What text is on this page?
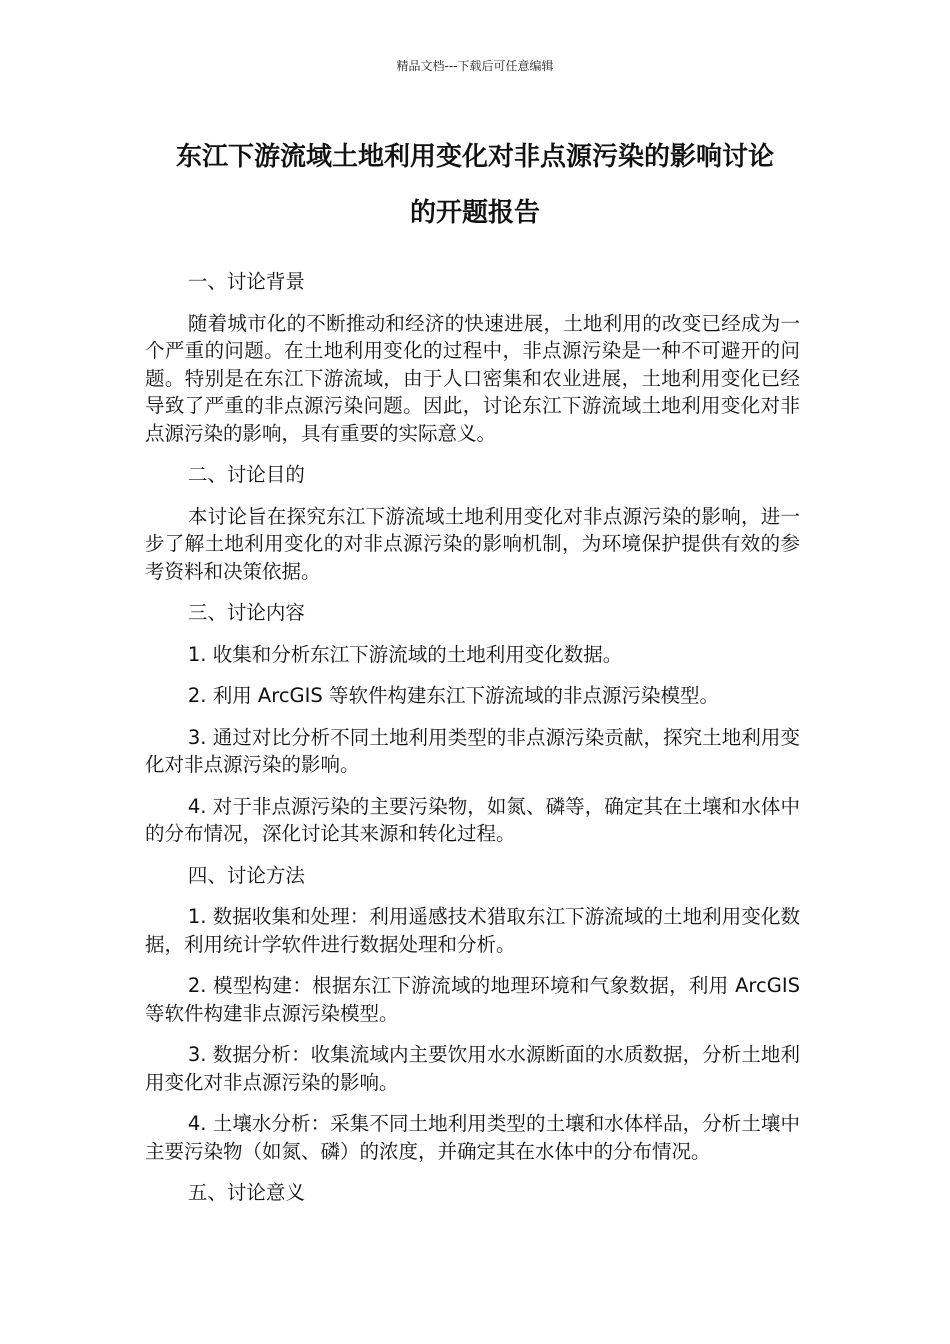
精品文档---下载后可任意编辑
东江下游流域土地利用变化对非点源污染的影响讨论
的开题报告

一、讨论背景

随着城市化的不断推动和经济的快速进展，土地利用的改变已经成为一个严重的问题。在土地利用变化的过程中，非点源污染是一种不可避开的问题。特别是在东江下游流域，由于人口密集和农业进展，土地利用变化已经导致了严重的非点源污染问题。因此，讨论东江下游流域土地利用变化对非点源污染的影响，具有重要的实际意义。

二、讨论目的

本讨论旨在探究东江下游流域土地利用变化对非点源污染的影响，进一步了解土地利用变化的对非点源污染的影响机制，为环境保护提供有效的参考资料和决策依据。

三、讨论内容

1. 收集和分析东江下游流域的土地利用变化数据。

2. 利用 ArcGIS 等软件构建东江下游流域的非点源污染模型。

3. 通过对比分析不同土地利用类型的非点源污染贡献，探究土地利用变化对非点源污染的影响。

4. 对于非点源污染的主要污染物，如氮、磷等，确定其在土壤和水体中的分布情况，深化讨论其来源和转化过程。

四、讨论方法

1. 数据收集和处理：利用遥感技术猎取东江下游流域的土地利用变化数据，利用统计学软件进行数据处理和分析。

2. 模型构建：根据东江下游流域的地理环境和气象数据，利用 ArcGIS 等软件构建非点源污染模型。

3. 数据分析：收集流域内主要饮用水水源断面的水质数据，分析土地利用变化对非点源污染的影响。

4. 土壤水分析：采集不同土地利用类型的土壤和水体样品，分析土壤中主要污染物（如氮、磷）的浓度，并确定其在水体中的分布情况。

五、讨论意义
